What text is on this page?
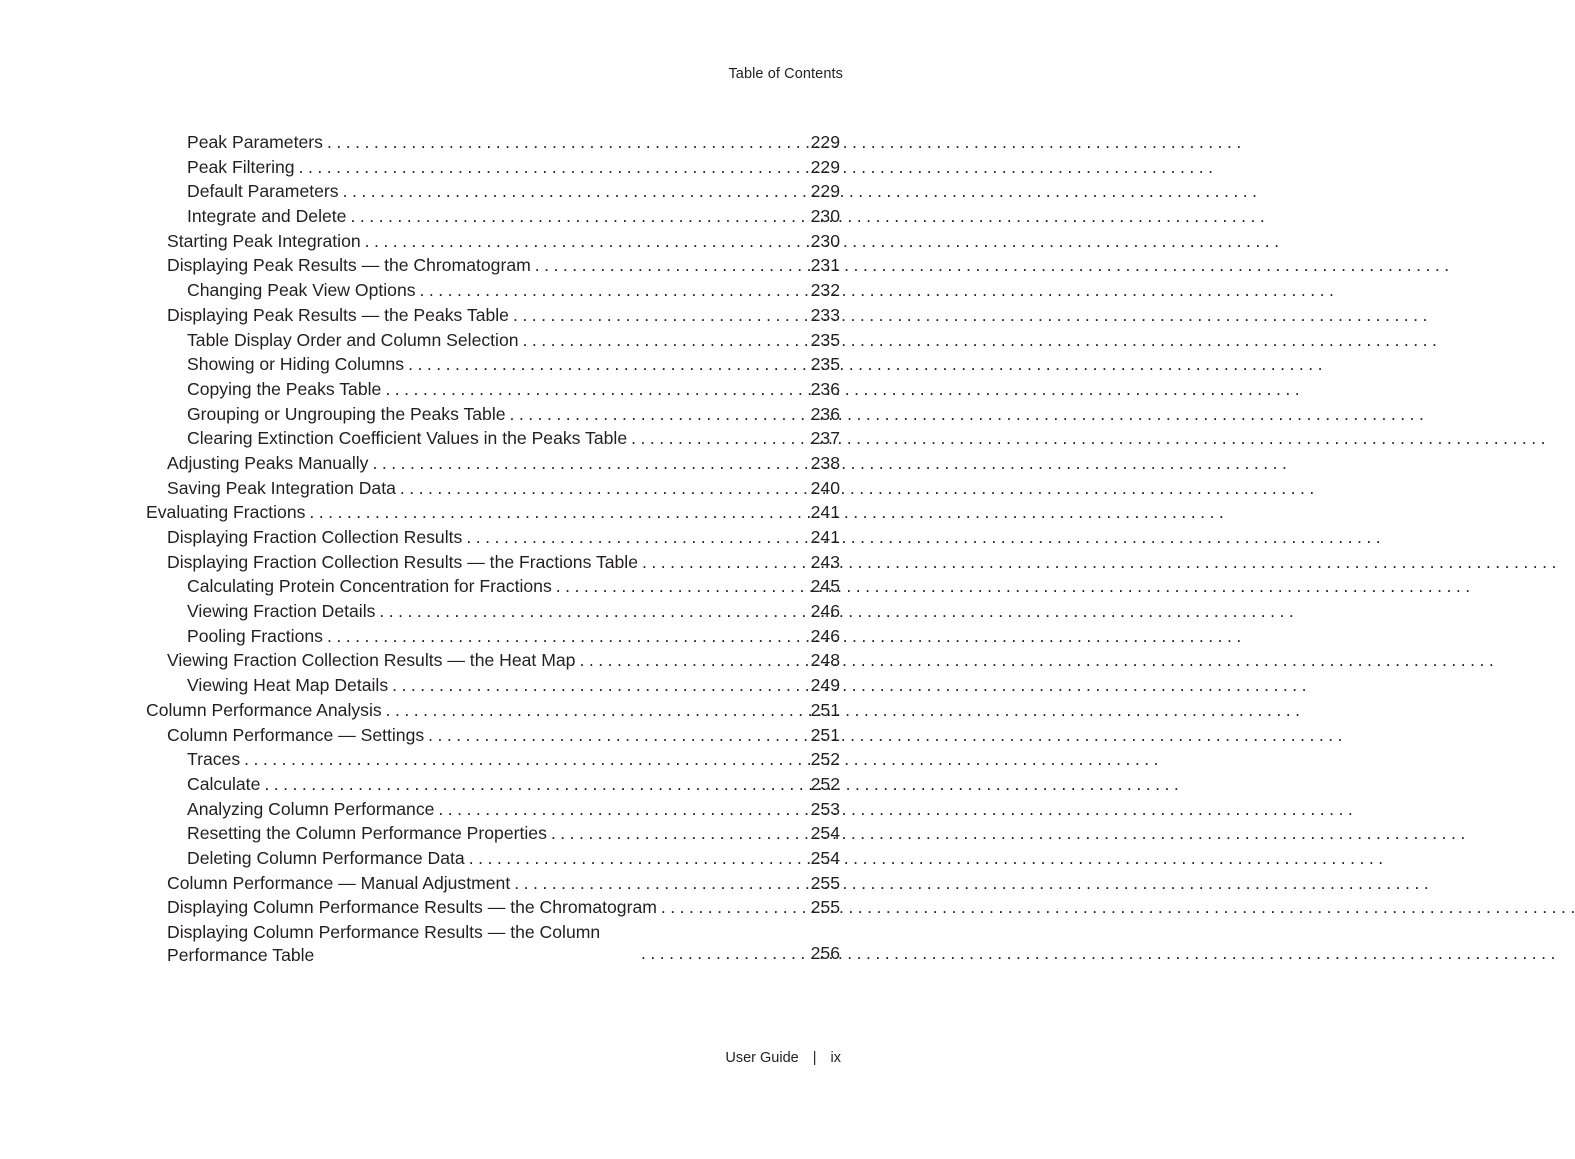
Table of Contents
Peak Parameters . . .	229
Peak Filtering . . .	229
Default Parameters . . .	229
Integrate and Delete . . .	230
Starting Peak Integration . . .	230
Displaying Peak Results — the Chromatogram . . .	231
Changing Peak View Options . . .	232
Displaying Peak Results — the Peaks Table . . .	233
Table Display Order and Column Selection . . .	235
Showing or Hiding Columns . . .	235
Copying the Peaks Table . . .	236
Grouping or Ungrouping the Peaks Table . . .	236
Clearing Extinction Coefficient Values in the Peaks Table . . .	237
Adjusting Peaks Manually . . .	238
Saving Peak Integration Data . . .	240
Evaluating Fractions . . .	241
Displaying Fraction Collection Results . . .	241
Displaying Fraction Collection Results — the Fractions Table . . .	243
Calculating Protein Concentration for Fractions . . .	245
Viewing Fraction Details . . .	246
Pooling Fractions . . .	246
Viewing Fraction Collection Results — the Heat Map . . .	248
Viewing Heat Map Details . . .	249
Column Performance Analysis . . .	251
Column Performance — Settings . . .	251
Traces . . .	252
Calculate . . .	252
Analyzing Column Performance . . .	253
Resetting the Column Performance Properties . . .	254
Deleting Column Performance Data . . .	254
Column Performance — Manual Adjustment . . .	255
Displaying Column Performance Results — the Chromatogram . . .	255
Displaying Column Performance Results — the Column Performance Table . . .	256
User Guide | ix
